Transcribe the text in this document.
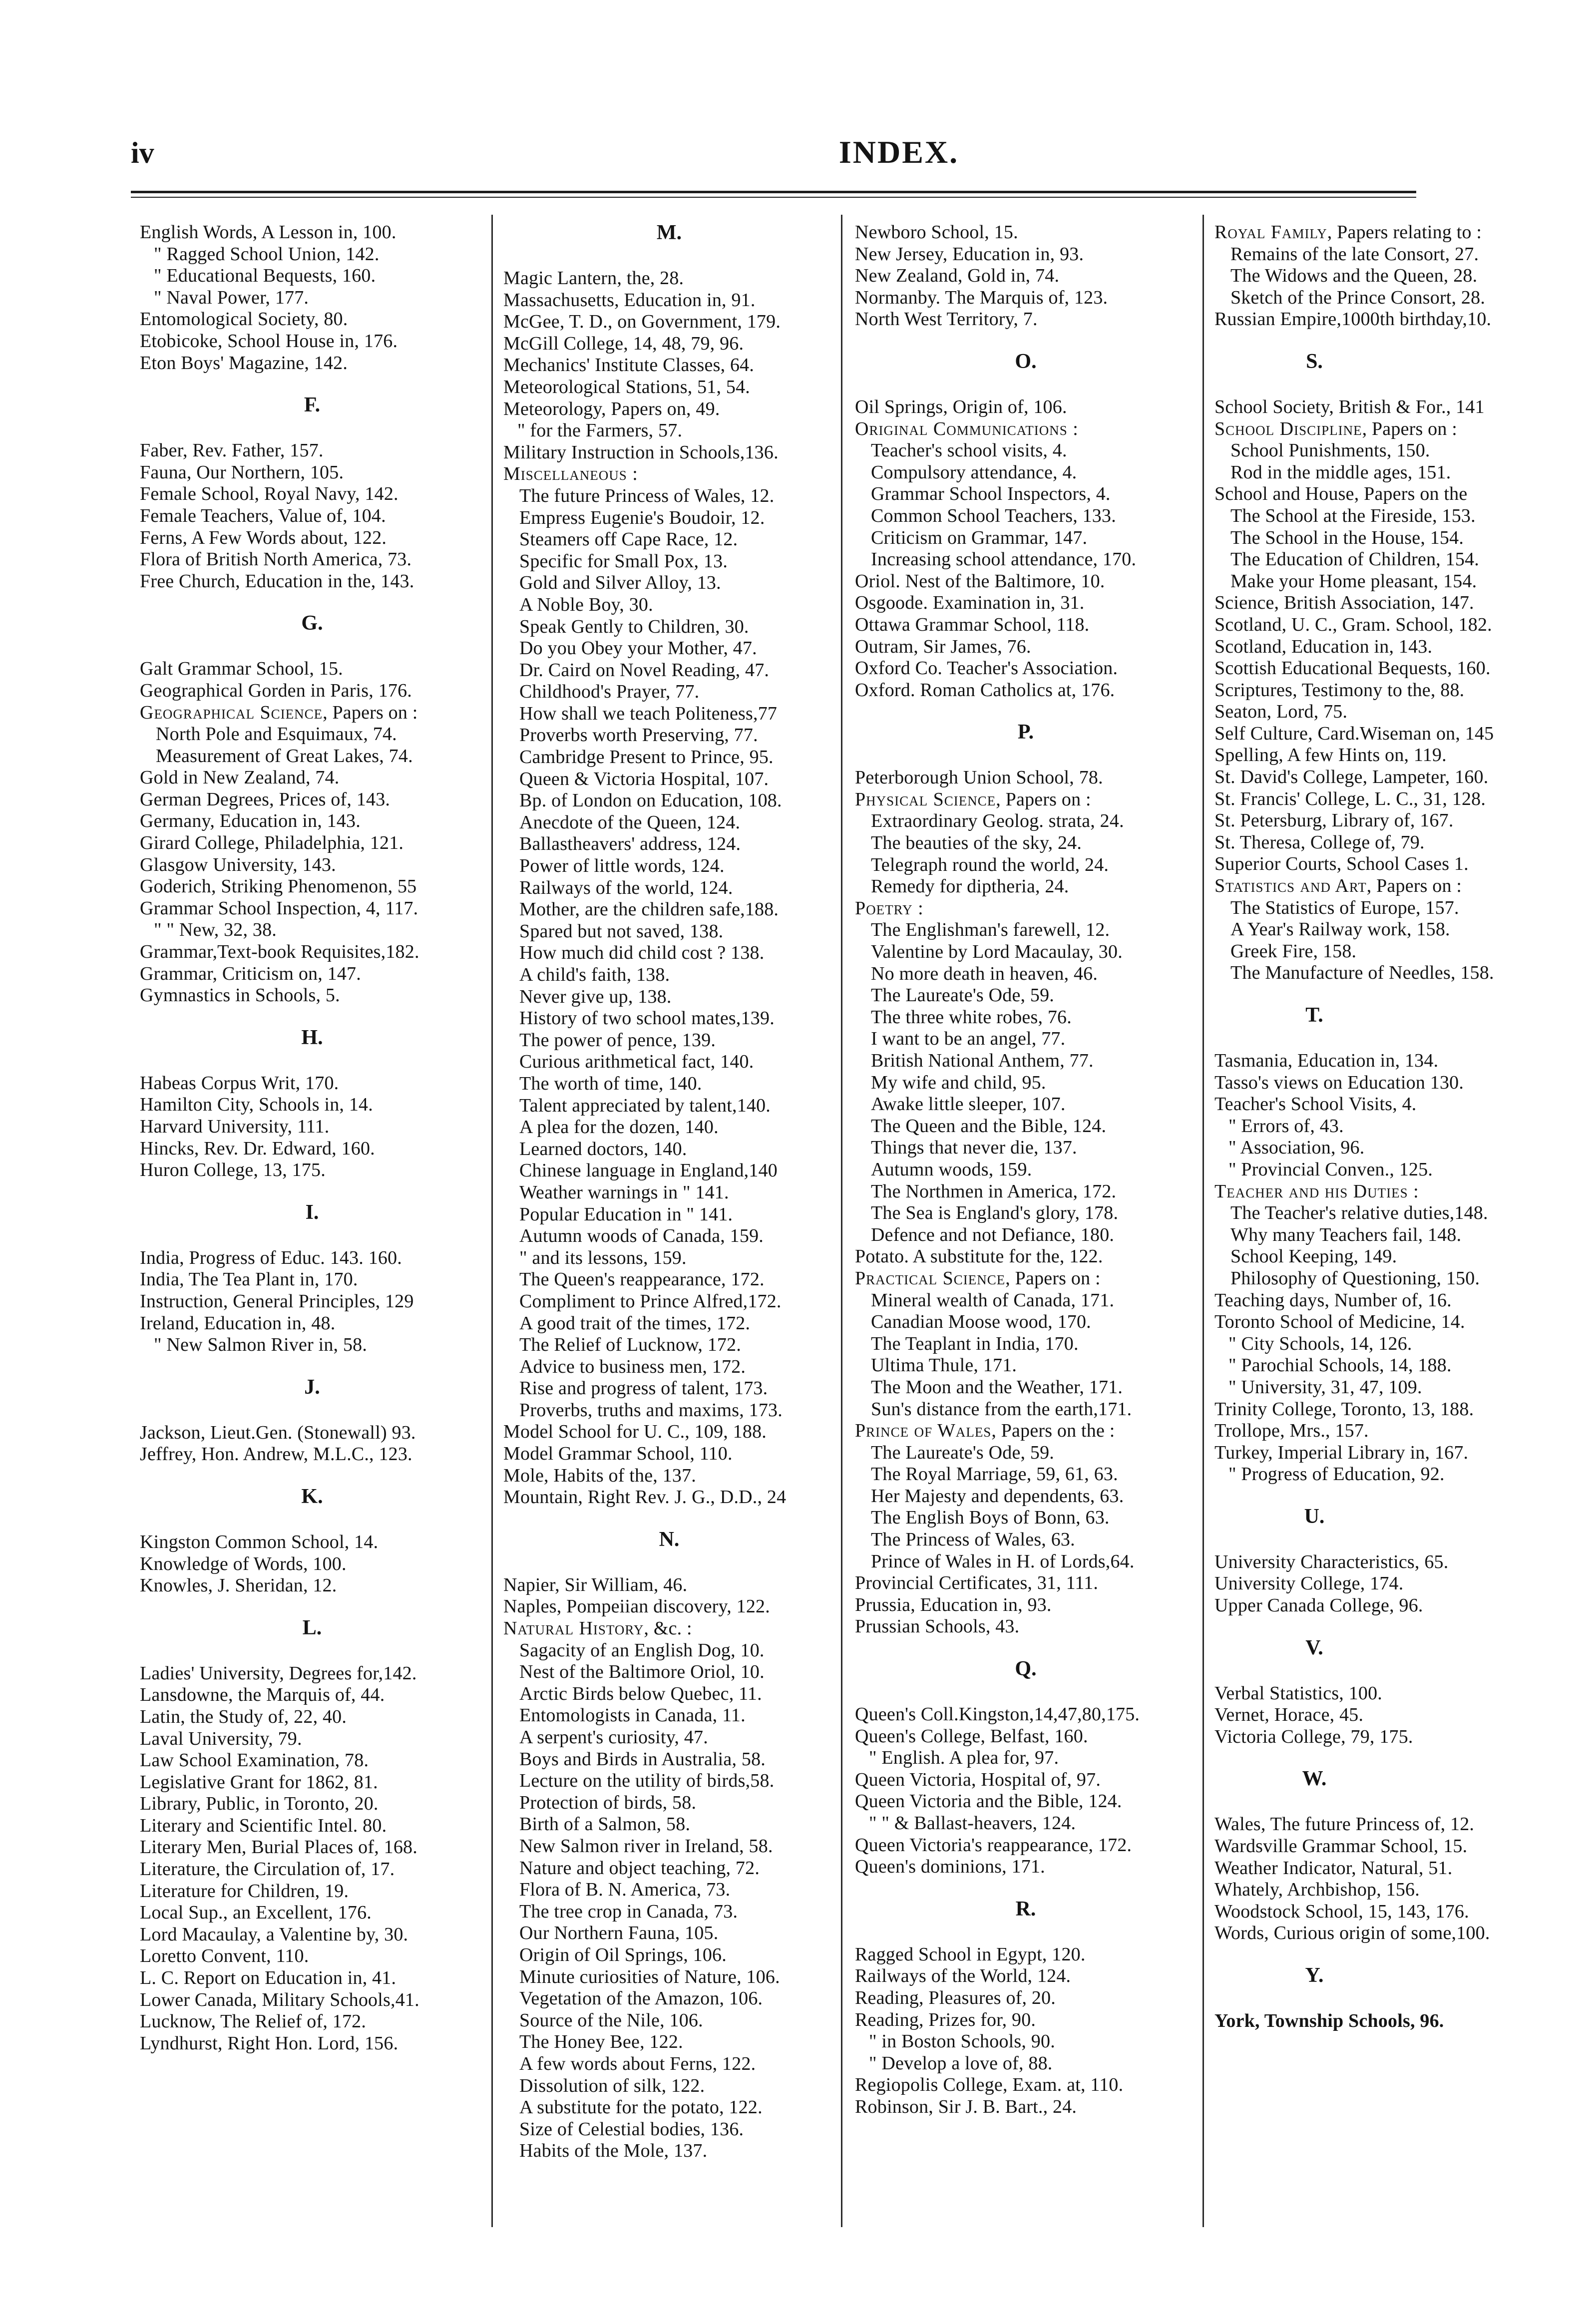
iv	INDEX.
English Words, A Lesson in, 100.
" Ragged School Union, 142.
" Educational Bequests, 160.
" Naval Power, 177.
Entomological Society, 80.
Etobicoke, School House in, 176.
Eton Boys' Magazine, 142.
F.
Faber, Rev. Father, 157.
Fauna, Our Northern, 105.
Female School, Royal Navy, 142.
Female Teachers, Value of, 104.
Ferns, A Few Words about, 122.
Flora of British North America, 73.
Free Church, Education in the, 143.
G.
Galt Grammar School, 15.
Geographical Gorden in Paris, 176.
Geographical Science, Papers on :
North Pole and Esquimaux, 74.
Measurement of Great Lakes, 74.
Gold in New Zealand, 74.
German Degrees, Prices of, 143.
Germany, Education in, 143.
Girard College, Philadelphia, 121.
Glasgow University, 143.
Goderich, Striking Phenomenon, 55
Grammar School Inspection, 4, 117.
" " New, 32, 38.
Grammar,Text-book Requisites,182.
Grammar, Criticism on, 147.
Gymnastics in Schools, 5.
H.
Habeas Corpus Writ, 170.
Hamilton City, Schools in, 14.
Harvard University, 111.
Hincks, Rev. Dr. Edward, 160.
Huron College, 13, 175.
I.
India, Progress of Educ. 143. 160.
India, The Tea Plant in, 170.
Instruction, General Principles, 129
Ireland, Education in, 48.
" New Salmon River in, 58.
J.
Jackson, Lieut.Gen. (Stonewall) 93.
Jeffrey, Hon. Andrew, M.L.C., 123.
K.
Kingston Common School, 14.
Knowledge of Words, 100.
Knowles, J. Sheridan, 12.
L.
Ladies' University, Degrees for,142.
Lansdowne, the Marquis of, 44.
Latin, the Study of, 22, 40.
Laval University, 79.
Law School Examination, 78.
Legislative Grant for 1862, 81.
Library, Public, in Toronto, 20.
Literary and Scientific Intel. 80.
Literary Men, Burial Places of, 168.
Literature, the Circulation of, 17.
Literature for Children, 19.
Local Sup., an Excellent, 176.
Lord Macaulay, a Valentine by, 30.
Loretto Convent, 110.
L. C. Report on Education in, 41.
Lower Canada, Military Schools,41.
Lucknow, The Relief of, 172.
Lyndhurst, Right Hon. Lord, 156.
M.
Magic Lantern, the, 28.
Massachusetts, Education in, 91.
McGee, T. D., on Government, 179.
McGill College, 14, 48, 79, 96.
Mechanics' Institute Classes, 64.
Meteorological Stations, 51, 54.
Meteorology, Papers on, 49.
" for the Farmers, 57.
Military Instruction in Schools,136.
Miscellaneous :
The future Princess of Wales, 12.
Empress Eugenie's Boudoir, 12.
Steamers off Cape Race, 12.
Specific for Small Pox, 13.
Gold and Silver Alloy, 13.
A Noble Boy, 30.
Speak Gently to Children, 30.
Do you Obey your Mother, 47.
Dr. Caird on Novel Reading, 47.
Childhood's Prayer, 77.
How shall we teach Politeness,77
Proverbs worth Preserving, 77.
Cambridge Present to Prince, 95.
Queen & Victoria Hospital, 107.
Bp. of London on Education, 108.
Anecdote of the Queen, 124.
Ballastheavers' address, 124.
Power of little words, 124.
Railways of the world, 124.
Mother, are the children safe,188.
Spared but not saved, 138.
How much did child cost ? 138.
A child's faith, 138.
Never give up, 138.
History of two school mates,139.
The power of pence, 139.
Curious arithmetical fact, 140.
The worth of time, 140.
Talent appreciated by talent,140.
A plea for the dozen, 140.
Learned doctors, 140.
Chinese language in England,140
Weather warnings in " 141.
Popular Education in " 141.
Autumn woods of Canada, 159.
" and its lessons, 159.
The Queen's reappearance, 172.
Compliment to Prince Alfred,172.
A good trait of the times, 172.
The Relief of Lucknow, 172.
Advice to business men, 172.
Rise and progress of talent, 173.
Proverbs, truths and maxims, 173.
Model School for U. C., 109, 188.
Model Grammar School, 110.
Mole, Habits of the, 137.
Mountain, Right Rev. J. G., D.D., 24
N.
Napier, Sir William, 46.
Naples, Pompeiian discovery, 122.
Natural History, &c. :
Sagacity of an English Dog, 10.
Nest of the Baltimore Oriol, 10.
Arctic Birds below Quebec, 11.
Entomologists in Canada, 11.
A serpent's curiosity, 47.
Boys and Birds in Australia, 58.
Lecture on the utility of birds,58.
Protection of birds, 58.
Birth of a Salmon, 58.
New Salmon river in Ireland, 58.
Nature and object teaching, 72.
Flora of B. N. America, 73.
The tree crop in Canada, 73.
Our Northern Fauna, 105.
Origin of Oil Springs, 106.
Minute curiosities of Nature, 106.
Vegetation of the Amazon, 106.
Source of the Nile, 106.
The Honey Bee, 122.
A few words about Ferns, 122.
Dissolution of silk, 122.
A substitute for the potato, 122.
Size of Celestial bodies, 136.
Habits of the Mole, 137.
Newboro School, 15.
New Jersey, Education in, 93.
New Zealand, Gold in, 74.
Normanby. The Marquis of, 123.
North West Territory, 7.
O.
Oil Springs, Origin of, 106.
Original Communications :
Teacher's school visits, 4.
Compulsory attendance, 4.
Grammar School Inspectors, 4.
Common School Teachers, 133.
Criticism on Grammar, 147.
Increasing school attendance, 170.
Oriol. Nest of the Baltimore, 10.
Osgoode. Examination in, 31.
Ottawa Grammar School, 118.
Outram, Sir James, 76.
Oxford Co. Teacher's Association.
Oxford. Roman Catholics at, 176.
P.
Peterborough Union School, 78.
Physical Science, Papers on :
Extraordinary Geolog. strata, 24.
The beauties of the sky, 24.
Telegraph round the world, 24.
Remedy for diptheria, 24.
Poetry :
The Englishman's farewell, 12.
Valentine by Lord Macaulay, 30.
No more death in heaven, 46.
The Laureate's Ode, 59.
The three white robes, 76.
I want to be an angel, 77.
British National Anthem, 77.
My wife and child, 95.
Awake little sleeper, 107.
The Queen and the Bible, 124.
Things that never die, 137.
Autumn woods, 159.
The Northmen in America, 172.
The Sea is England's glory, 178.
Defence and not Defiance, 180.
Potato. A substitute for the, 122.
Practical Science, Papers on :
Mineral wealth of Canada, 171.
Canadian Moose wood, 170.
The Teaplant in India, 170.
Ultima Thule, 171.
The Moon and the Weather, 171.
Sun's distance from the earth,171.
Prince of Wales, Papers on the :
The Laureate's Ode, 59.
The Royal Marriage, 59, 61, 63.
Her Majesty and dependents, 63.
The English Boys of Bonn, 63.
The Princess of Wales, 63.
Prince of Wales in H. of Lords,64.
Provincial Certificates, 31, 111.
Prussia, Education in, 93.
Prussian Schools, 43.
Q.
Queen's Coll.Kingston,14,47,80,175.
Queen's College, Belfast, 160.
" English. A plea for, 97.
Queen Victoria, Hospital of, 97.
Queen Victoria and the Bible, 124.
" " & Ballast-heavers, 124.
Queen Victoria's reappearance, 172.
Queen's dominions, 171.
R.
Ragged School in Egypt, 120.
Railways of the World, 124.
Reading, Pleasures of, 20.
Reading, Prizes for, 90.
" in Boston Schools, 90.
" Develop a love of, 88.
Regiopolis College, Exam. at, 110.
Robinson, Sir J. B. Bart., 24.
Royal Family, Papers relating to :
Remains of the late Consort, 27.
The Widows and the Queen, 28.
Sketch of the Prince Consort, 28.
Russian Empire,1000th birthday,10.
S.
School Society, British & For., 141
School Discipline, Papers on :
School Punishments, 150.
Rod in the middle ages, 151.
School and House, Papers on the
The School at the Fireside, 153.
The School in the House, 154.
The Education of Children, 154.
Make your Home pleasant, 154.
Science, British Association, 147.
Scotland, U. C., Gram. School, 182.
Scotland, Education in, 143.
Scottish Educational Bequests, 160.
Scriptures, Testimony to the, 88.
Seaton, Lord, 75.
Self Culture, Card.Wiseman on, 145
Spelling, A few Hints on, 119.
St. David's College, Lampeter, 160.
St. Francis' College, L. C., 31, 128.
St. Petersburg, Library of, 167.
St. Theresa, College of, 79.
Superior Courts, School Cases 1.
Statistics and Art, Papers on :
The Statistics of Europe, 157.
A Year's Railway work, 158.
Greek Fire, 158.
The Manufacture of Needles, 158.
T.
Tasmania, Education in, 134.
Tasso's views on Education 130.
Teacher's School Visits, 4.
" Errors of, 43.
" Association, 96.
" Provincial Conven., 125.
Teacher and his Duties :
The Teacher's relative duties,148.
Why many Teachers fail, 148.
School Keeping, 149.
Philosophy of Questioning, 150.
Teaching days, Number of, 16.
Toronto School of Medicine, 14.
" City Schools, 14, 126.
" Parochial Schools, 14, 188.
" University, 31, 47, 109.
Trinity College, Toronto, 13, 188.
Trollope, Mrs., 157.
Turkey, Imperial Library in, 167.
" Progress of Education, 92.
U.
University Characteristics, 65.
University College, 174.
Upper Canada College, 96.
V.
Verbal Statistics, 100.
Vernet, Horace, 45.
Victoria College, 79, 175.
W.
Wales, The future Princess of, 12.
Wardsville Grammar School, 15.
Weather Indicator, Natural, 51.
Whately, Archbishop, 156.
Woodstock School, 15, 143, 176.
Words, Curious origin of some,100.
Y.
York, Township Schools, 96.
